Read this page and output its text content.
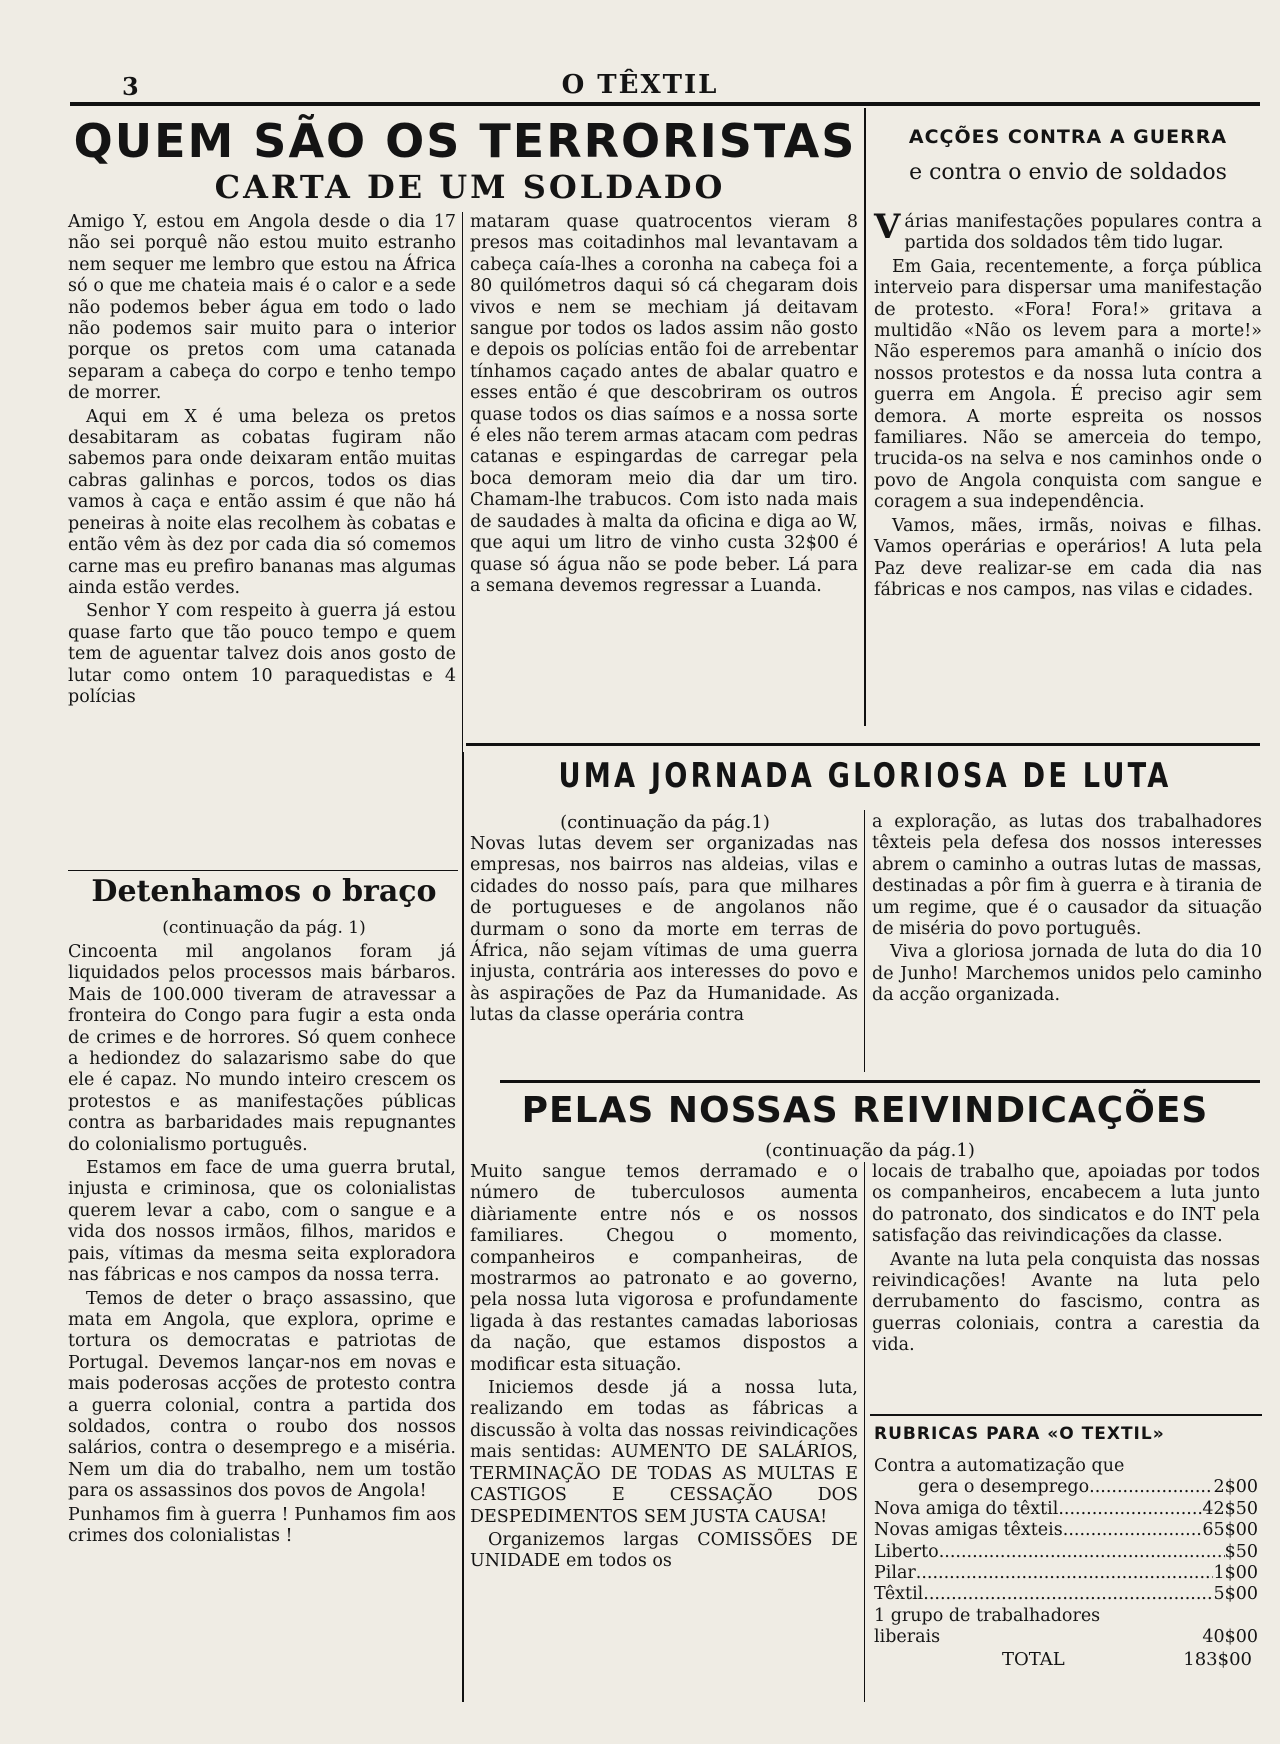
3	O TÊXTIL
QUEM SÃO OS TERRORISTAS
CARTA DE UM SOLDADO

Amigo Y, estou em Angola desde o dia 17 não sei porquê não estou muito estranho nem sequer me lembro que estou na África só o que me chateia mais é o calor e a sede não podemos beber água em todo o lado não podemos sair muito para o interior porque os pretos com uma catanada separam a cabeça do corpo e tenho tempo de morrer.

Aqui em X é uma beleza os pretos desabitaram as cobatas fugiram não sabemos para onde deixaram então muitas cabras galinhas e porcos, todos os dias vamos à caça e então assim é que não há peneiras à noite elas recolhem às cobatas e então vêm às dez por cada dia só comemos carne mas eu prefiro bananas mas algumas ainda estão verdes.

Senhor Y com respeito à guerra já estou quase farto que tão pouco tempo e quem tem de aguentar talvez dois anos gosto de lutar como ontem 10 paraquedistas e 4 polícias

mataram quase quatrocentos vieram 8 presos mas coitadinhos mal levantavam a cabeça caía-lhes a coronha na cabeça foi a 80 quilómetros daqui só cá chegaram dois vivos e nem se mechiam já deitavam sangue por todos os lados assim não gosto e depois os polícias então foi de arrebentar tínhamos caçado antes de abalar quatro e esses então é que descobriram os outros quase todos os dias saímos e a nossa sorte é eles não terem armas atacam com pedras catanas e espingardas de carregar pela boca demoram meio dia dar um tiro. Chamam-lhe trabucos. Com isto nada mais de saudades à malta da oficina e diga ao W, que aqui um litro de vinho custa 32$00 é quase só água não se pode beber. Lá para a semana devemos regressar a Luanda.

ACÇÕES CONTRA A GUERRA
e contra o envio de soldados

Várias manifestações populares contra a partida dos soldados têm tido lugar.

Em Gaia, recentemente, a força pública interveio para dispersar uma manifestação de protesto. «Fora! Fora!» gritava a multidão «Não os levem para a morte!» Não esperemos para amanhã o início dos nossos protestos e da nossa luta contra a guerra em Angola. É preciso agir sem demora. A morte espreita os nossos familiares. Não se amerceia do tempo, trucida-os na selva e nos caminhos onde o povo de Angola conquista com sangue e coragem a sua independência.

Vamos, mães, irmãs, noivas e filhas. Vamos operárias e operários! A luta pela Paz deve realizar-se em cada dia nas fábricas e nos campos, nas vilas e cidades.

UMA JORNADA GLORIOSA DE LUTA
(continuação da pág.1)

Novas lutas devem ser organizadas nas empresas, nos bairros nas aldeias, vilas e cidades do nosso país, para que milhares de portugueses e de angolanos não durmam o sono da morte em terras de África, não sejam vítimas de uma guerra injusta, contrária aos interesses do povo e às aspirações de Paz da Humanidade. As lutas da classe operária contra

a exploração, as lutas dos trabalhadores têxteis pela defesa dos nossos interesses abrem o caminho a outras lutas de massas, destinadas a pôr fim à guerra e à tirania de um regime, que é o causador da situação de miséria do povo português.

Viva a gloriosa jornada de luta do dia 10 de Junho! Marchemos unidos pelo caminho da acção organizada.

Detenhamos o braço
(continuação da pág. 1)

Cincoenta mil angolanos foram já liquidados pelos processos mais bárbaros. Mais de 100.000 tiveram de atravessar a fronteira do Congo para fugir a esta onda de crimes e de horrores. Só quem conhece a hediondez do salazarismo sabe do que ele é capaz. No mundo inteiro crescem os protestos e as manifestações públicas contra as barbaridades mais repugnantes do colonialismo português.

Estamos em face de uma guerra brutal, injusta e criminosa, que os colonialistas querem levar a cabo, com o sangue e a vida dos nossos irmãos, filhos, maridos e pais, vítimas da mesma seita exploradora nas fábricas e nos campos da nossa terra.

Temos de deter o braço assassino, que mata em Angola, que explora, oprime e tortura os democratas e patriotas de Portugal. Devemos lançar-nos em novas e mais poderosas acções de protesto contra a guerra colonial, contra a partida dos soldados, contra o roubo dos nossos salários, contra o desemprego e a miséria. Nem um dia do trabalho, nem um tostão para os assassinos dos povos de Angola!

Punhamos fim à guerra ! Punhamos fim aos crimes dos colonialistas !

PELAS NOSSAS REIVINDICAÇÕES
(continuação da pág.1)

Muito sangue temos derramado e o número de tuberculosos aumenta diàriamente entre nós e os nossos familiares. Chegou o momento, companheiros e companheiras, de mostrarmos ao patronato e ao governo, pela nossa luta vigorosa e profundamente ligada à das restantes camadas laboriosas da nação, que estamos dispostos a modificar esta situação.

Iniciemos desde já a nossa luta, realizando em todas as fábricas a discussão à volta das nossas reivindicações mais sentidas: AUMENTO DE SALÁRIOS, TERMINAÇÃO DE TODAS AS MULTAS E CASTIGOS E CESSAÇÃO DOS DESPEDIMENTOS SEM JUSTA CAUSA!

Organizemos largas COMISSÕES DE UNIDADE em todos os

locais de trabalho que, apoiadas por todos os companheiros, encabecem a luta junto do patronato, dos sindicatos e do INT pela satisfação das reivindicações da classe.

Avante na luta pela conquista das nossas reivindicações! Avante na luta pelo derrubamento do fascismo, contra as guerras coloniais, contra a carestia da vida.

RUBRICAS PARA «O TEXTIL»
Contra a automatização que
gera o desemprego .....	2$00
Nova amiga do têxtil .....	42$50
Novas amigas têxteis .....	65$00
Liberto .....	$50
Pilar .....	1$00
Têxtil .....	5$00
1 grupo de trabalhadores liberais	40$00
TOTAL	183$00
